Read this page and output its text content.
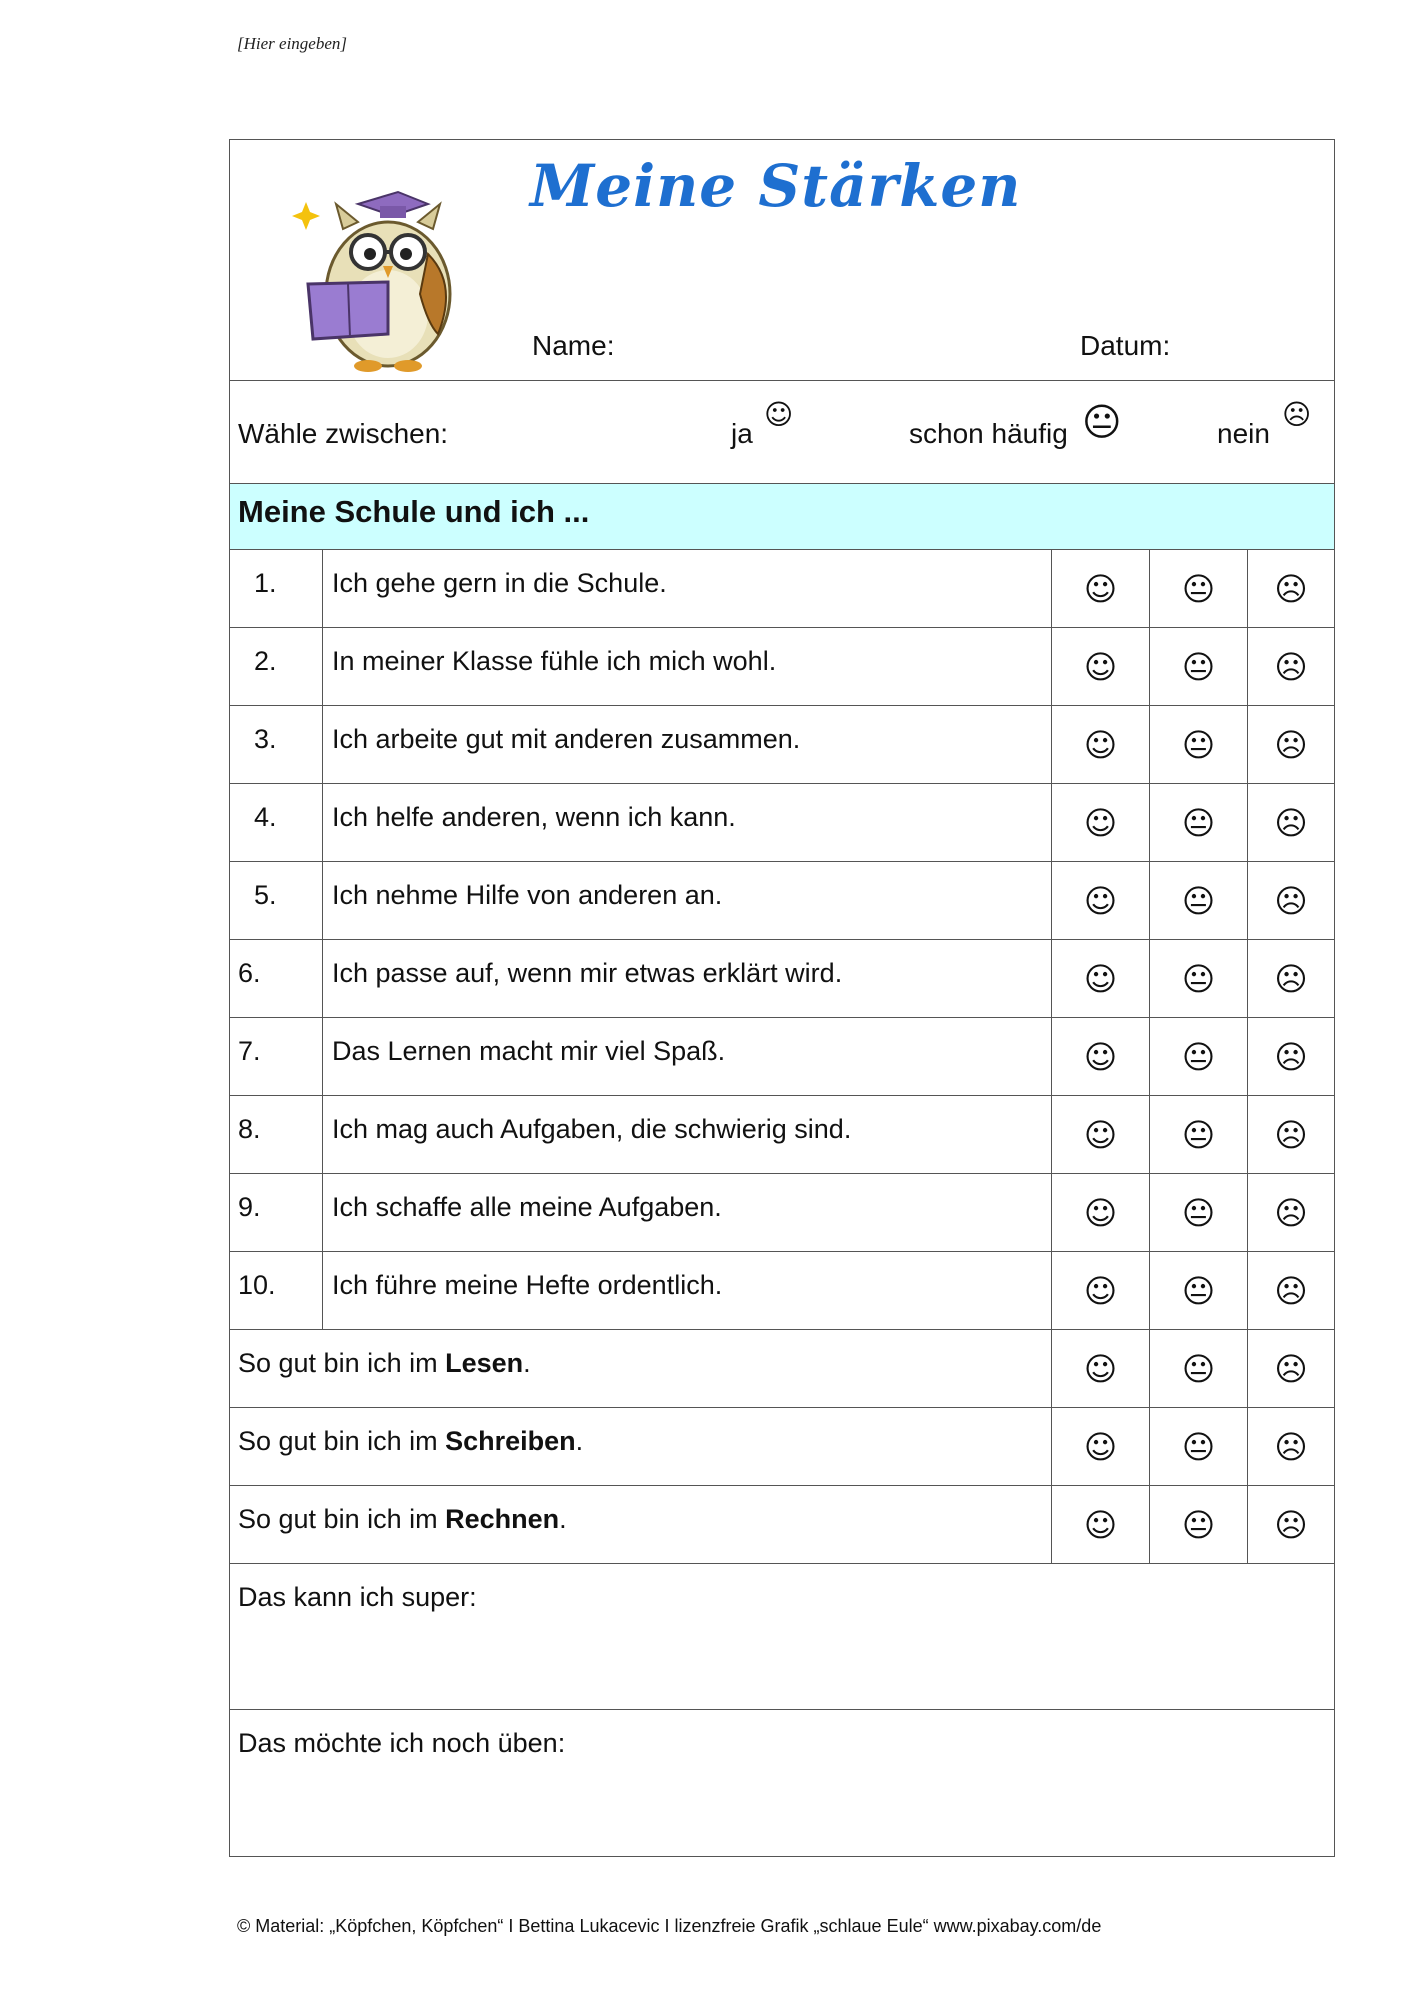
[Hier eingeben]
Meine Stärken
Name:	Datum:
Wähle zwischen:	ja
☺
schon häufig 😐	nein
☹
Meine Schule und ich ...
1. Ich gehe gern in die Schule.	☺ 😐 ☹
2. In meiner Klasse fühle ich mich wohl.	☺ 😐 ☹
3. Ich arbeite gut mit anderen zusammen.	☺ 😐 ☹
4. Ich helfe anderen, wenn ich kann.	☺ 😐 ☹
5. Ich nehme Hilfe von anderen an.	☺ 😐 ☹
6.	Ich passe auf, wenn mir etwas erklärt wird.	☺ 😐 ☹
7.	Das Lernen macht mir viel Spaß.	☺ 😐 ☹
8.	Ich mag auch Aufgaben, die schwierig sind.	☺ 😐 ☹
9.	Ich schaffe alle meine Aufgaben.	☺ 😐 ☹
10. Ich führe meine Hefte ordentlich.	☺ 😐 ☹
So gut bin ich im Lesen.	☺ 😐 ☹
So gut bin ich im Schreiben.	☺ 😐 ☹
So gut bin ich im Rechnen.	☺ 😐 ☹
Das kann ich super:
Das möchte ich noch üben:
© Material: „Köpfchen, Köpfchen“ I Bettina Lukacevic I lizenzfreie Grafik „schlaue Eule“ www.pixabay.com/de
